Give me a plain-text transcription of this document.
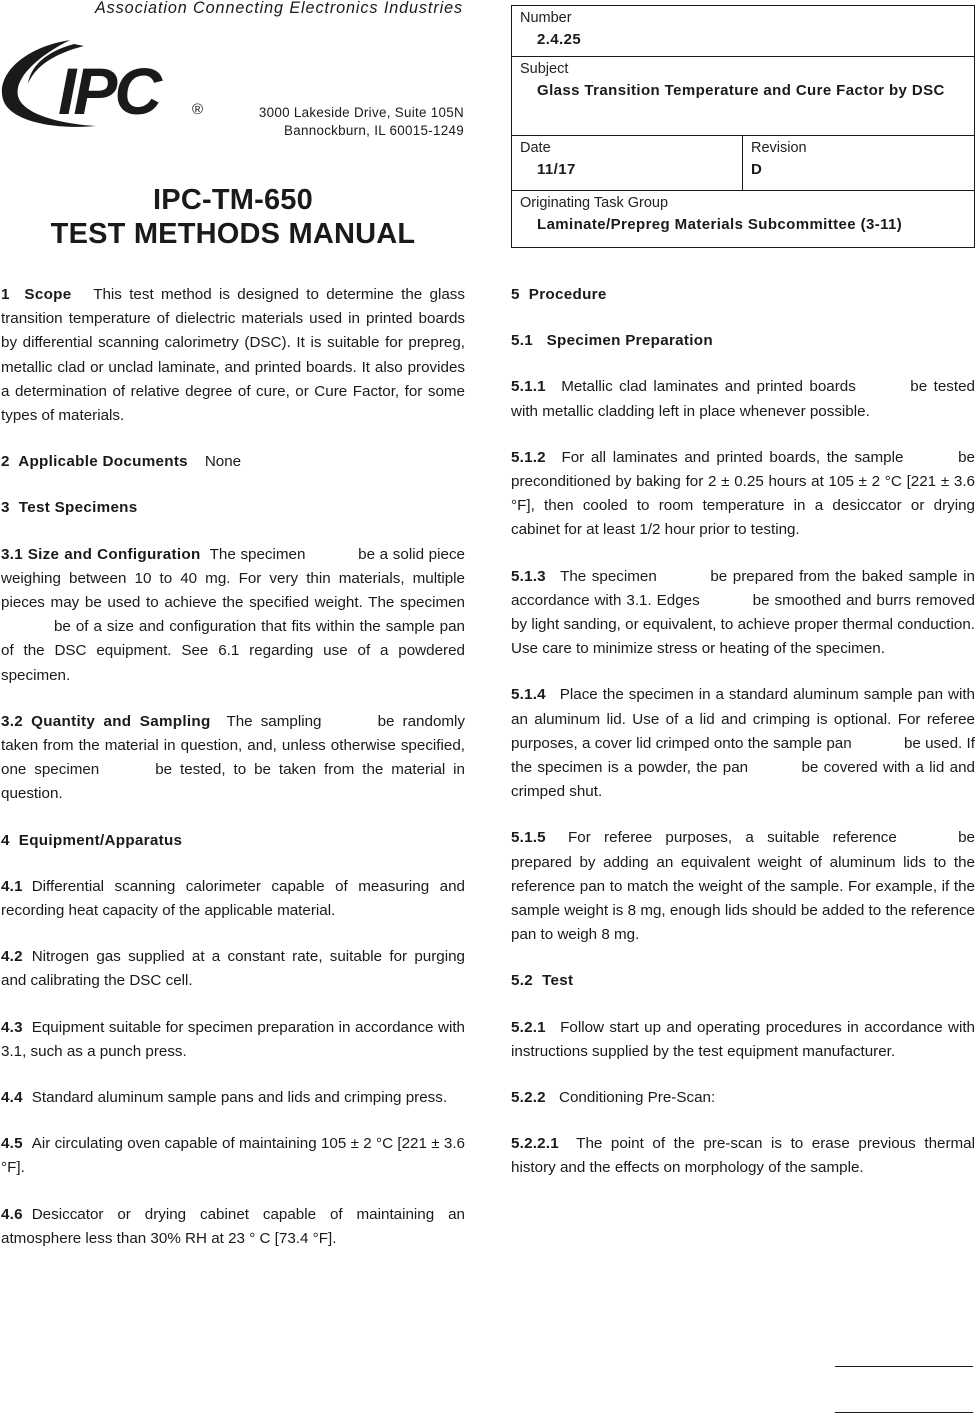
Association Connecting Electronics Industries
IPC ®	3000 Lakeside Drive, Suite 105N
Bannockburn, IL 60015-1249
IPC-TM-650
TEST METHODS MANUAL
Number
2.4.25
Subject
Glass Transition Temperature and Cure Factor by DSC
Date
11/17
Revision
D
Originating Task Group
Laminate/Prepreg Materials Subcommittee (3-11)

1 Scope This test method is designed to determine the glass transition temperature of dielectric materials used in printed boards by differential scanning calorimetry (DSC). It is suitable for prepreg, metallic clad or unclad laminate, and printed boards. It also provides a determination of relative degree of cure, or Cure Factor, for some types of materials.

2 Applicable Documents None

3 Test Specimens

3.1 Size and Configuration The specimen	be a solid piece weighing between 10 to 40 mg. For very thin materials, multiple pieces may be used to achieve the specified weight. The specimen be of a size and configuration that fits within the sample pan of the DSC equipment. See 6.1 regarding use of a powdered specimen.

3.2 Quantity and Sampling The sampling	be randomly taken from the material in question, and, unless otherwise specified, one specimen	be tested, to be taken from the material in question.

4 Equipment/Apparatus

4.1 Differential scanning calorimeter capable of measuring and recording heat capacity of the applicable material.

4.2 Nitrogen gas supplied at a constant rate, suitable for purging and calibrating the DSC cell.

4.3 Equipment suitable for specimen preparation in accordance with 3.1, such as a punch press.

4.4 Standard aluminum sample pans and lids and crimping press.

4.5 Air circulating oven capable of maintaining 105 ± 2 °C [221 ± 3.6 °F].

4.6 Desiccator or drying cabinet capable of maintaining an atmosphere less than 30% RH at 23 ° C [73.4 °F].

5 Procedure

5.1 Specimen Preparation

5.1.1 Metallic clad laminates and printed boards	be tested with metallic cladding left in place whenever possible.

5.1.2 For all laminates and printed boards, the sample	be preconditioned by baking for 2 ± 0.25 hours at 105 ± 2 °C [221 ± 3.6 °F], then cooled to room temperature in a desiccator or drying cabinet for at least 1/2 hour prior to testing.

5.1.3 The specimen	be prepared from the baked sample in accordance with 3.1. Edges	be smoothed and burrs removed by light sanding, or equivalent, to achieve proper thermal conduction. Use care to minimize stress or heating of the specimen.

5.1.4 Place the specimen in a standard aluminum sample pan with an aluminum lid. Use of a lid and crimping is optional. For referee purposes, a cover lid crimped onto the sample pan	be used. If the specimen is a powder, the pan	be covered with a lid and crimped shut.

5.1.5 For referee purposes, a suitable reference	be prepared by adding an equivalent weight of aluminum lids to the reference pan to match the weight of the sample. For example, if the sample weight is 8 mg, enough lids should be added to the reference pan to weigh 8 mg.

5.2 Test

5.2.1 Follow start up and operating procedures in accordance with instructions supplied by the test equipment manufacturer.

5.2.2 Conditioning Pre-Scan:

5.2.2.1 The point of the pre-scan is to erase previous thermal history and the effects on morphology of the sample.
